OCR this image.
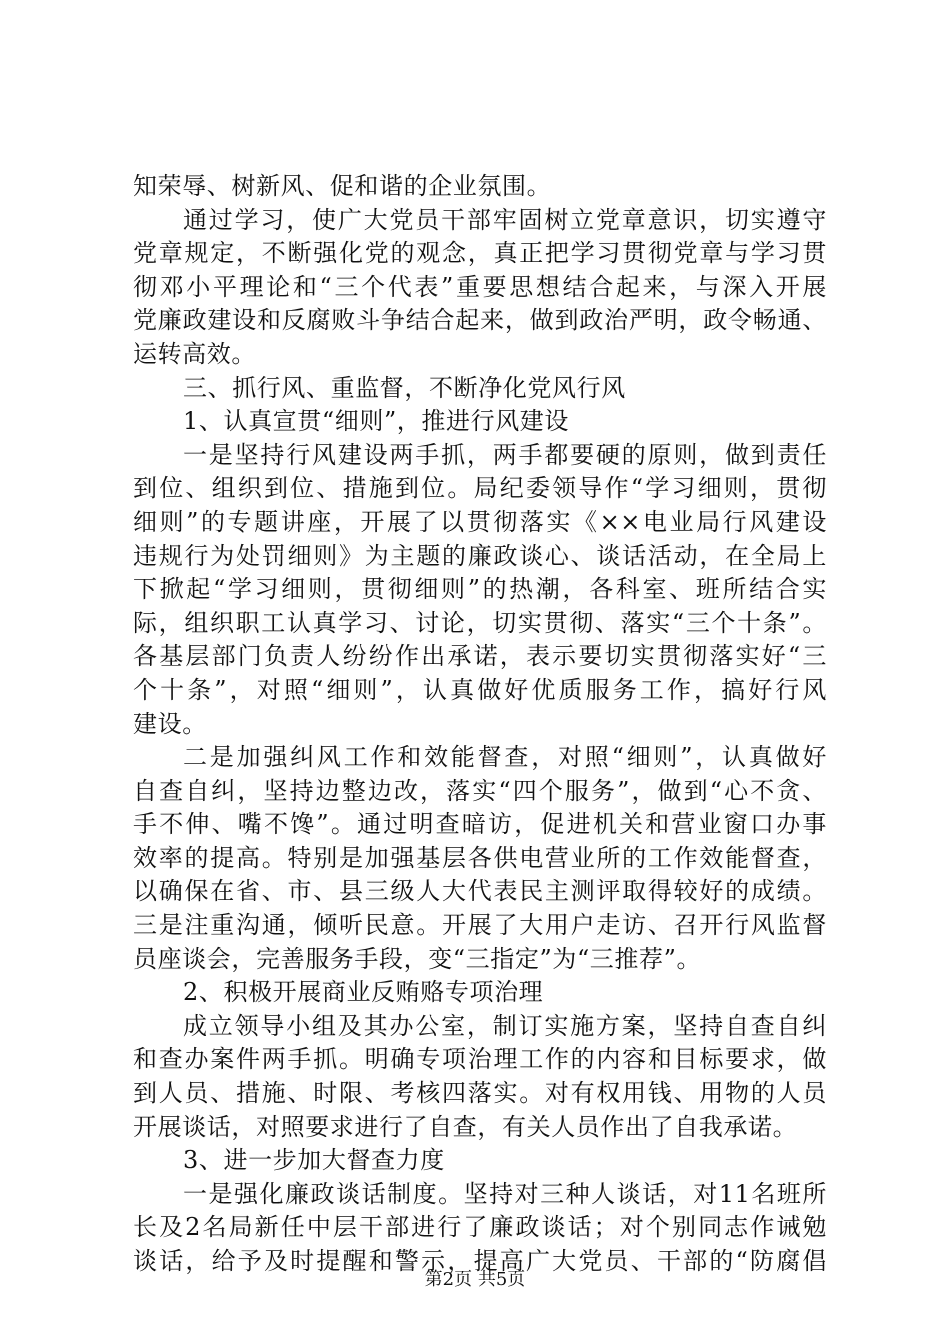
知荣辱、树新风、促和谐的企业氛围。
通过学习，使广大党员干部牢固树立党章意识，切实遵守
党章规定，不断强化党的观念，真正把学习贯彻党章与学习贯
彻邓小平理论和“三个代表”重要思想结合起来，与深入开展
党廉政建设和反腐败斗争结合起来，做到政治严明，政令畅通、
运转高效。
三、抓行风、重监督，不断净化党风行风
1、认真宣贯“细则”，推进行风建设
一是坚持行风建设两手抓，两手都要硬的原则，做到责任
到位、组织到位、措施到位。局纪委领导作“学习细则，贯彻
细则”的专题讲座，开展了以贯彻落实《××电业局行风建设
违规行为处罚细则》为主题的廉政谈心、谈话活动，在全局上
下掀起“学习细则，贯彻细则”的热潮，各科室、班所结合实
际，组织职工认真学习、讨论，切实贯彻、落实“三个十条”。
各基层部门负责人纷纷作出承诺，表示要切实贯彻落实好“三
个十条”，对照“细则”，认真做好优质服务工作，搞好行风
建设。
二是加强纠风工作和效能督查，对照“细则”，认真做好
自查自纠，坚持边整边改，落实“四个服务”，做到“心不贪、
手不伸、嘴不馋”。通过明查暗访，促进机关和营业窗口办事
效率的提高。特别是加强基层各供电营业所的工作效能督查，
以确保在省、市、县三级人大代表民主测评取得较好的成绩。
三是注重沟通，倾听民意。开展了大用户走访、召开行风监督
员座谈会，完善服务手段，变“三指定”为“三推荐”。
2、积极开展商业反贿赂专项治理
成立领导小组及其办公室，制订实施方案，坚持自查自纠
和查办案件两手抓。明确专项治理工作的内容和目标要求，做
到人员、措施、时限、考核四落实。对有权用钱、用物的人员
开展谈话，对照要求进行了自查，有关人员作出了自我承诺。
3、进一步加大督查力度
一是强化廉政谈话制度。坚持对三种人谈话，对11名班所
长及2名局新任中层干部进行了廉政谈话；对个别同志作诫勉
谈话，给予及时提醒和警示，提高广大党员、干部的“防腐倡
第2页 共5页
